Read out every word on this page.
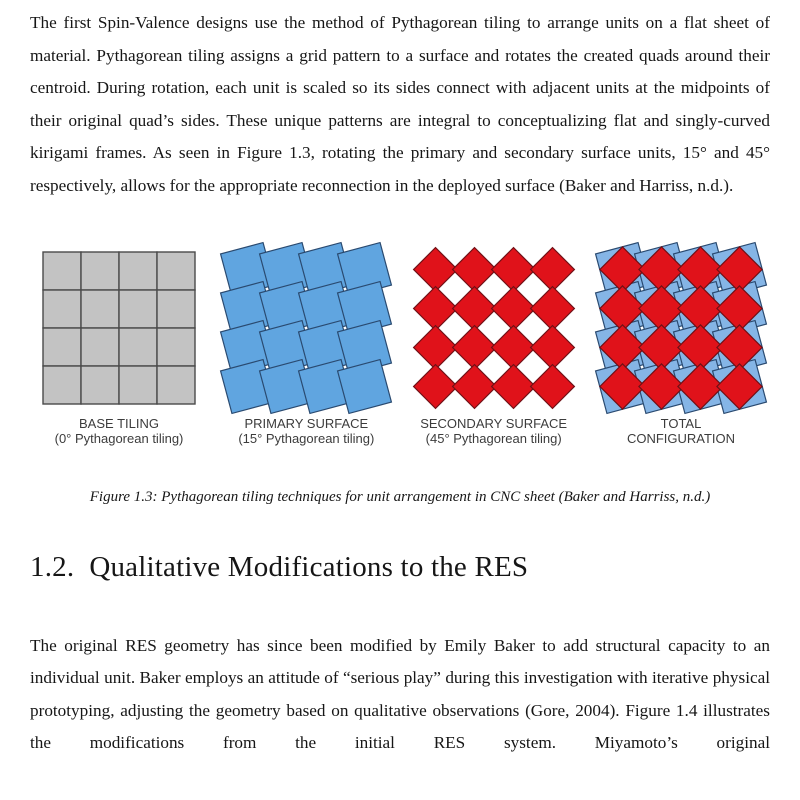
The first Spin-Valence designs use the method of Pythagorean tiling to arrange units on a flat sheet of material. Pythagorean tiling assigns a grid pattern to a surface and rotates the created quads around their centroid. During rotation, each unit is scaled so its sides connect with adjacent units at the midpoints of their original quad’s sides. These unique patterns are integral to conceptualizing flat and singly-curved kirigami frames. As seen in Figure 1.3, rotating the primary and secondary surface units, 15° and 45° respectively, allows for the appropriate reconnection in the deployed surface (Baker and Harriss, n.d.).

BASE TILING
(0° Pythagorean tiling)
PRIMARY SURFACE
(15° Pythagorean tiling)
SECONDARY SURFACE
(45° Pythagorean tiling)
TOTAL
CONFIGURATION
Figure 1.3: Pythagorean tiling techniques for unit arrangement in CNC sheet (Baker and Harriss, n.d.)
1.2. Qualitative Modifications to the RES

The original RES geometry has since been modified by Emily Baker to add structural capacity to an individual unit. Baker employs an attitude of “serious play” during this investigation with iterative physical prototyping, adjusting the geometry based on qualitative observations (Gore, 2004). Figure 1.4 illustrates the modifications from the initial RES system. Miyamoto’s original
